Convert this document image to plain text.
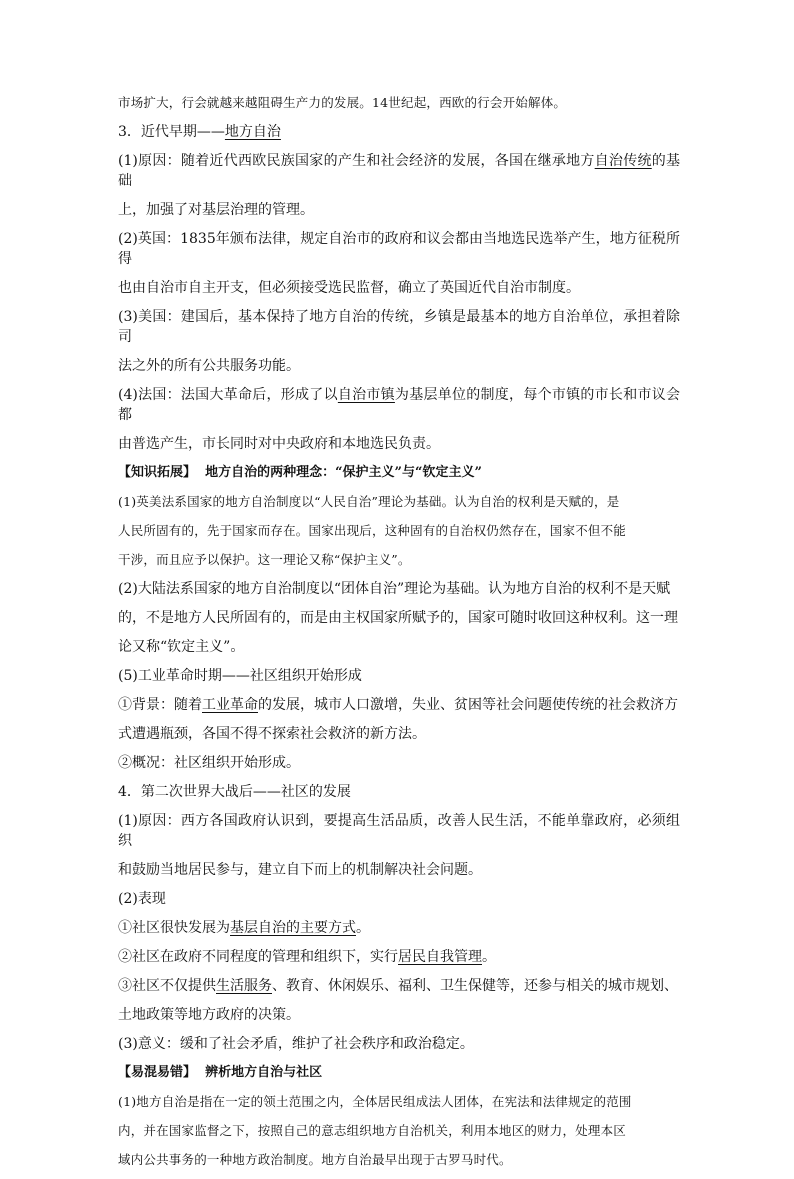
市场扩大，行会就越来越阻碍生产力的发展。14世纪起，西欧的行会开始解体。
3．近代早期——地方自治
(1)原因：随着近代西欧民族国家的产生和社会经济的发展，各国在继承地方自治传统的基础
上，加强了对基层治理的管理。
(2)英国：1835年颁布法律，规定自治市的政府和议会都由当地选民选举产生，地方征税所得
也由自治市自主开支，但必须接受选民监督，确立了英国近代自治市制度。
(3)美国：建国后，基本保持了地方自治的传统，乡镇是最基本的地方自治单位，承担着除司
法之外的所有公共服务功能。
(4)法国：法国大革命后，形成了以自治市镇为基层单位的制度，每个市镇的市长和市议会都
由普选产生，市长同时对中央政府和本地选民负责。
【知识拓展】 地方自治的两种理念：“保护主义”与“钦定主义”
(1)英美法系国家的地方自治制度以“人民自治”理论为基础。认为自治的权利是天赋的，是
人民所固有的，先于国家而存在。国家出现后，这种固有的自治权仍然存在，国家不但不能
干涉，而且应予以保护。这一理论又称“保护主义”。
(2)大陆法系国家的地方自治制度以“团体自治”理论为基础。认为地方自治的权利不是天赋
的，不是地方人民所固有的，而是由主权国家所赋予的，国家可随时收回这种权利。这一理
论又称“钦定主义”。
(5)工业革命时期——社区组织开始形成
①背景：随着工业革命的发展，城市人口激增，失业、贫困等社会问题使传统的社会救济方
式遭遇瓶颈，各国不得不探索社会救济的新方法。
②概况：社区组织开始形成。
4．第二次世界大战后——社区的发展
(1)原因：西方各国政府认识到，要提高生活品质，改善人民生活，不能单靠政府，必须组织
和鼓励当地居民参与，建立自下而上的机制解决社会问题。
(2)表现
①社区很快发展为基层自治的主要方式。
②社区在政府不同程度的管理和组织下，实行居民自我管理。
③社区不仅提供生活服务、教育、休闲娱乐、福利、卫生保健等，还参与相关的城市规划、
土地政策等地方政府的决策。
(3)意义：缓和了社会矛盾，维护了社会秩序和政治稳定。
【易混易错】 辨析地方自治与社区
(1)地方自治是指在一定的领土范围之内，全体居民组成法人团体，在宪法和法律规定的范围
内，并在国家监督之下，按照自己的意志组织地方自治机关，利用本地区的财力，处理本区
域内公共事务的一种地方政治制度。地方自治最早出现于古罗马时代。
